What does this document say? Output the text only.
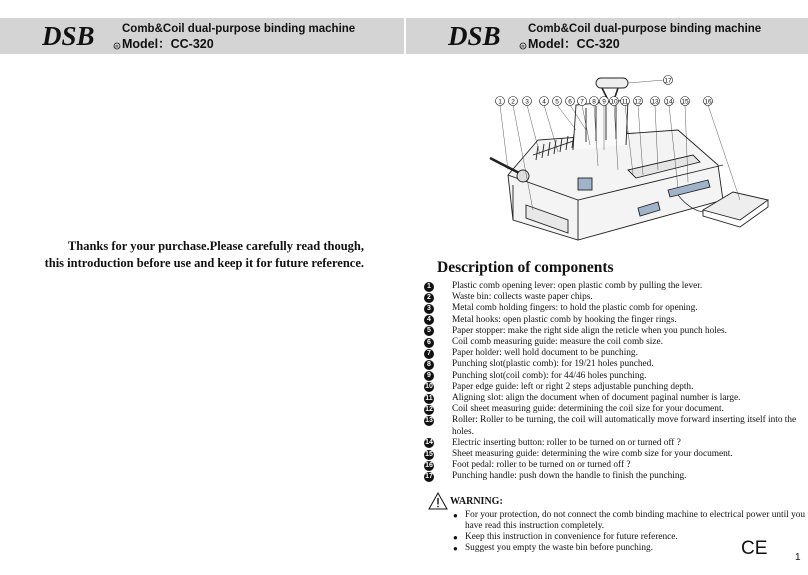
DSB	R
Comb&Coil dual-purpose binding machine
Model：CC-320	DSB	R
Comb&Coil dual-purpose binding machine
Model：CC-320
Thanks for your purchase.Please carefully read though,
this introduction before use and keep it for future reference.
1 2 3 4 5 6 7 8 9 10 11 12 13 14 15 16
17
Description of components
1	Plastic comb opening lever: open plastic comb by pulling the lever.
2	Waste bin: collects waste paper chips.
3	Metal comb holding fingers: to hold the plastic comb for opening.
4	Metal hooks: open plastic comb by hooking the finger rings.
5	Paper stopper: make the right side align the reticle when you punch holes.
6	Coil comb measuring guide: measure the coil comb size.
7	Paper holder: well hold document to be punching.
8	Punching slot(plastic comb): for 19/21 holes punched.
9	Punching slot(coil comb): for 44/46 holes punching.
10 Paper edge guide: left or right 2 steps adjustable punching depth.
11 Aligning slot: align the document when of document paginal number is large.
12 Coil sheet measuring guide: determining the coil size for your document.
13 Roller: Roller to be turning, the coil will automatically move forward inserting itself into the holes.
14 Electric inserting button: roller to be turned on or turned off ?
15 Sheet measuring guide: determining the wire comb size for your document.
16 Foot pedal: roller to be turned on or turned off ?
17 Punching handle: push down the handle to finish the punching.
WARNING:
● For your protection, do not connect the comb binding machine to electrical power until you have read this instruction completely.
● Keep this instruction in convenience for future reference.
● Suggest you empty the waste bin before punching.	CE	1
